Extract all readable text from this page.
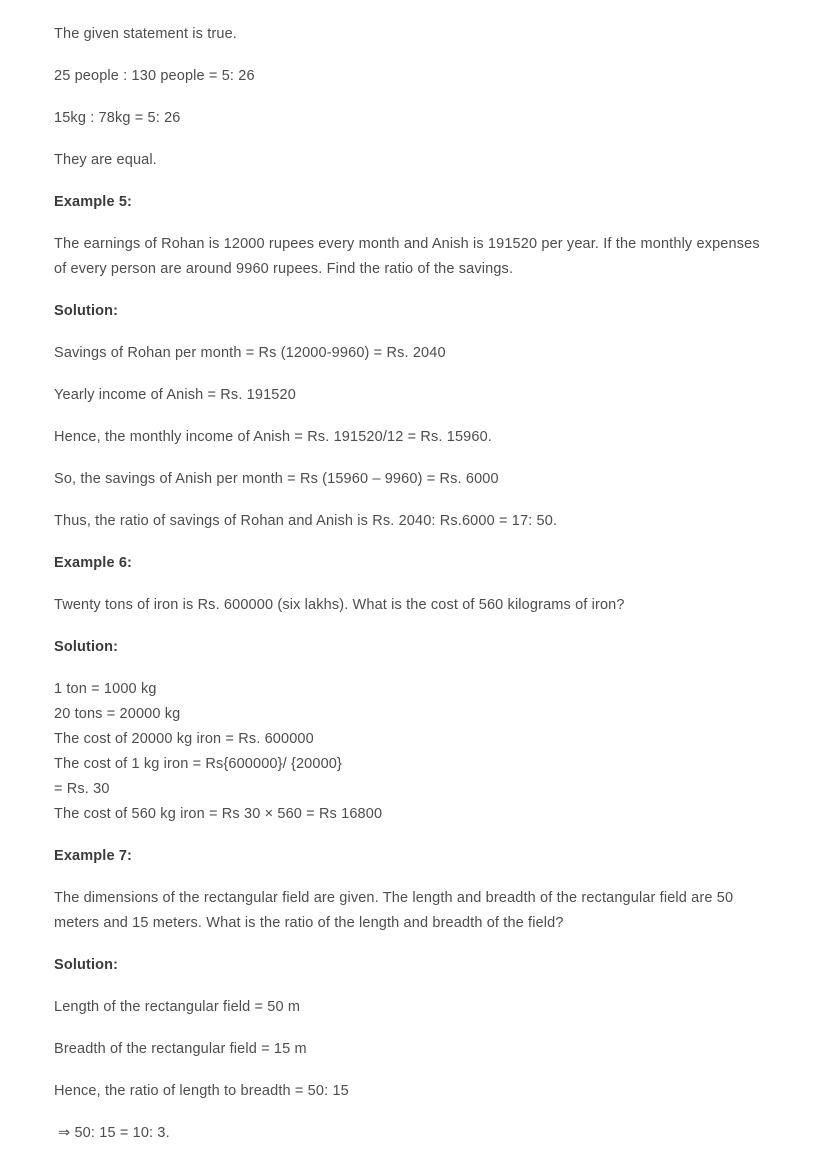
The given statement is true.

25 people : 130 people = 5: 26

15kg : 78kg = 5: 26

They are equal.

Example 5:

The earnings of Rohan is 12000 rupees every month and Anish is 191520 per year. If the monthly expenses of every person are around 9960 rupees. Find the ratio of the savings.

Solution:

Savings of Rohan per month = Rs (12000-9960) = Rs. 2040

Yearly income of Anish = Rs. 191520

Hence, the monthly income of Anish = Rs. 191520/12 = Rs. 15960.

So, the savings of Anish per month = Rs (15960 – 9960) = Rs. 6000

Thus, the ratio of savings of Rohan and Anish is Rs. 2040: Rs.6000 = 17: 50.

Example 6:

Twenty tons of iron is Rs. 600000 (six lakhs). What is the cost of 560 kilograms of iron?

Solution:

1 ton = 1000 kg
20 tons = 20000 kg
The cost of 20000 kg iron = Rs. 600000
The cost of 1 kg iron = Rs{600000}/ {20000}
= Rs. 30
The cost of 560 kg iron = Rs 30 × 560 = Rs 16800

Example 7:

The dimensions of the rectangular field are given. The length and breadth of the rectangular field are 50 meters and 15 meters. What is the ratio of the length and breadth of the field?

Solution:

Length of the rectangular field = 50 m

Breadth of the rectangular field = 15 m

Hence, the ratio of length to breadth = 50: 15

⇒ 50: 15 = 10: 3.
